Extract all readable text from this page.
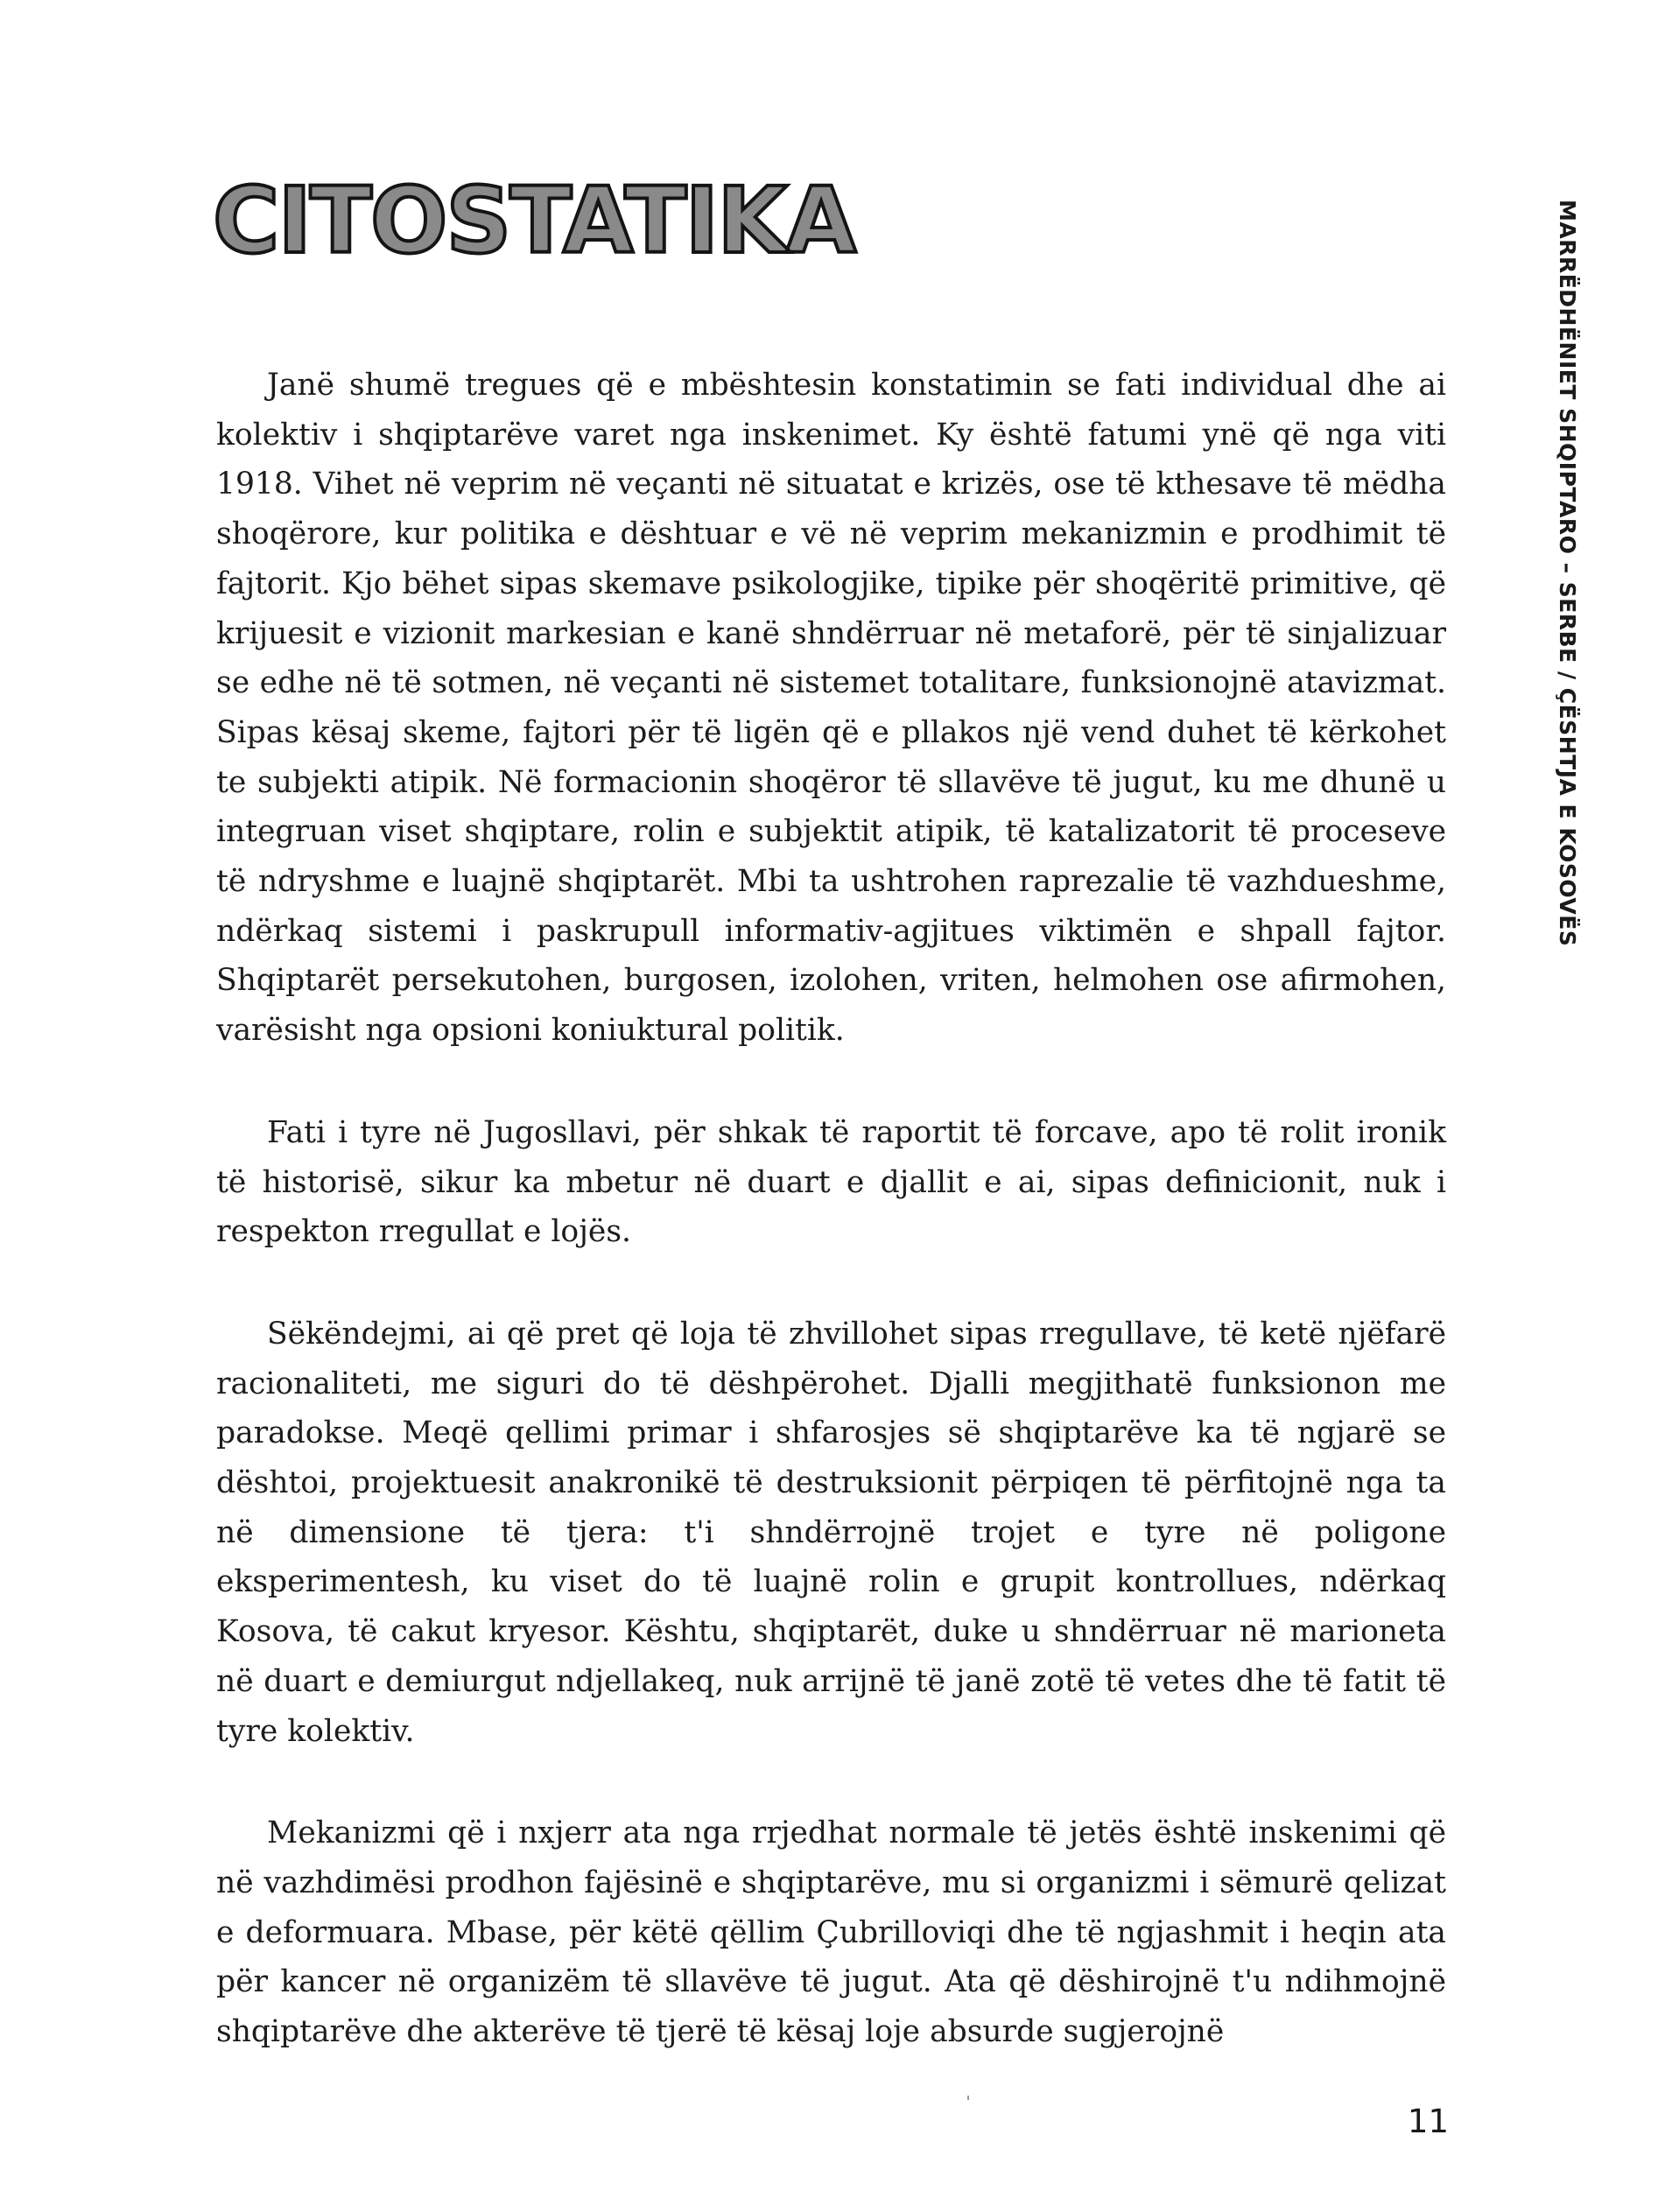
CITOSTATIKA	MARRËDHËNIET SHQIPTARO – SERBE / ÇËSHTJA E KOSOVËS

Janë shumë tregues që e mbështesin konstatimin se fati individual dhe ai kolektiv i shqiptarëve varet nga inskenimet. Ky është fatumi ynë që nga viti 1918. Vihet në veprim në veçanti në situatat e krizës, ose të kthesave të mëdha shoqërore, kur politika e dështuar e vë në veprim mekanizmin e prodhimit të fajtorit. Kjo bëhet sipas skemave psikologjike, tipike për shoqëritë primitive, që krijuesit e vizionit markesian e kanë shndërruar në metaforë, për të sinjalizuar se edhe në të sotmen, në veçanti në sistemet totalitare, funksionojnë atavizmat. Sipas kësaj skeme, fajtori për të ligën që e pllakos një vend duhet të kërkohet te subjekti atipik. Në formacionin shoqëror të sllavëve të jugut, ku me dhunë u integruan viset shqiptare, rolin e subjektit atipik, të katalizatorit të proceseve të ndryshme e luajnë shqiptarët. Mbi ta ushtrohen raprezalie të vazhdueshme, ndërkaq sistemi i paskrupull informativ-agjitues viktimën e shpall fajtor. Shqiptarët persekutohen, burgosen, izolohen, vriten, helmohen ose afirmohen, varësisht nga opsioni koniuktural politik.

Fati i tyre në Jugosllavi, për shkak të raportit të forcave, apo të rolit ironik të historisë, sikur ka mbetur në duart e djallit e ai, sipas definicionit, nuk i respekton rregullat e lojës.

Sëkëndejmi, ai që pret që loja të zhvillohet sipas rregullave, të ketë njëfarë racionaliteti, me siguri do të dëshpërohet. Djalli megjithatë funksionon me paradokse. Meqë qellimi primar i shfarosjes së shqiptarëve ka të ngjarë se dështoi, projektuesit anakronikë të destruksionit përpiqen të përfitojnë nga ta në dimensione të tjera: t'i shndërrojnë trojet e tyre në poligone eksperimentesh, ku viset do të luajnë rolin e grupit kontrollues, ndërkaq Kosova, të cakut kryesor. Kështu, shqiptarët, duke u shndërruar në marioneta në duart e demiurgut ndjellakeq, nuk arrijnë të janë zotë të vetes dhe të fatit të tyre kolektiv.

Mekanizmi që i nxjerr ata nga rrjedhat normale të jetës është inskenimi që në vazhdimësi prodhon fajësinë e shqiptarëve, mu si organizmi i sëmurë qelizat e deformuara. Mbase, për këtë qëllim Çubrilloviqi dhe të ngjashmit i heqin ata për kancer në organizëm të sllavëve të jugut. Ata që dëshirojnë t'u ndihmojnë shqiptarëve dhe akterëve të tjerë të kësaj loje absurde sugjerojnë

11
